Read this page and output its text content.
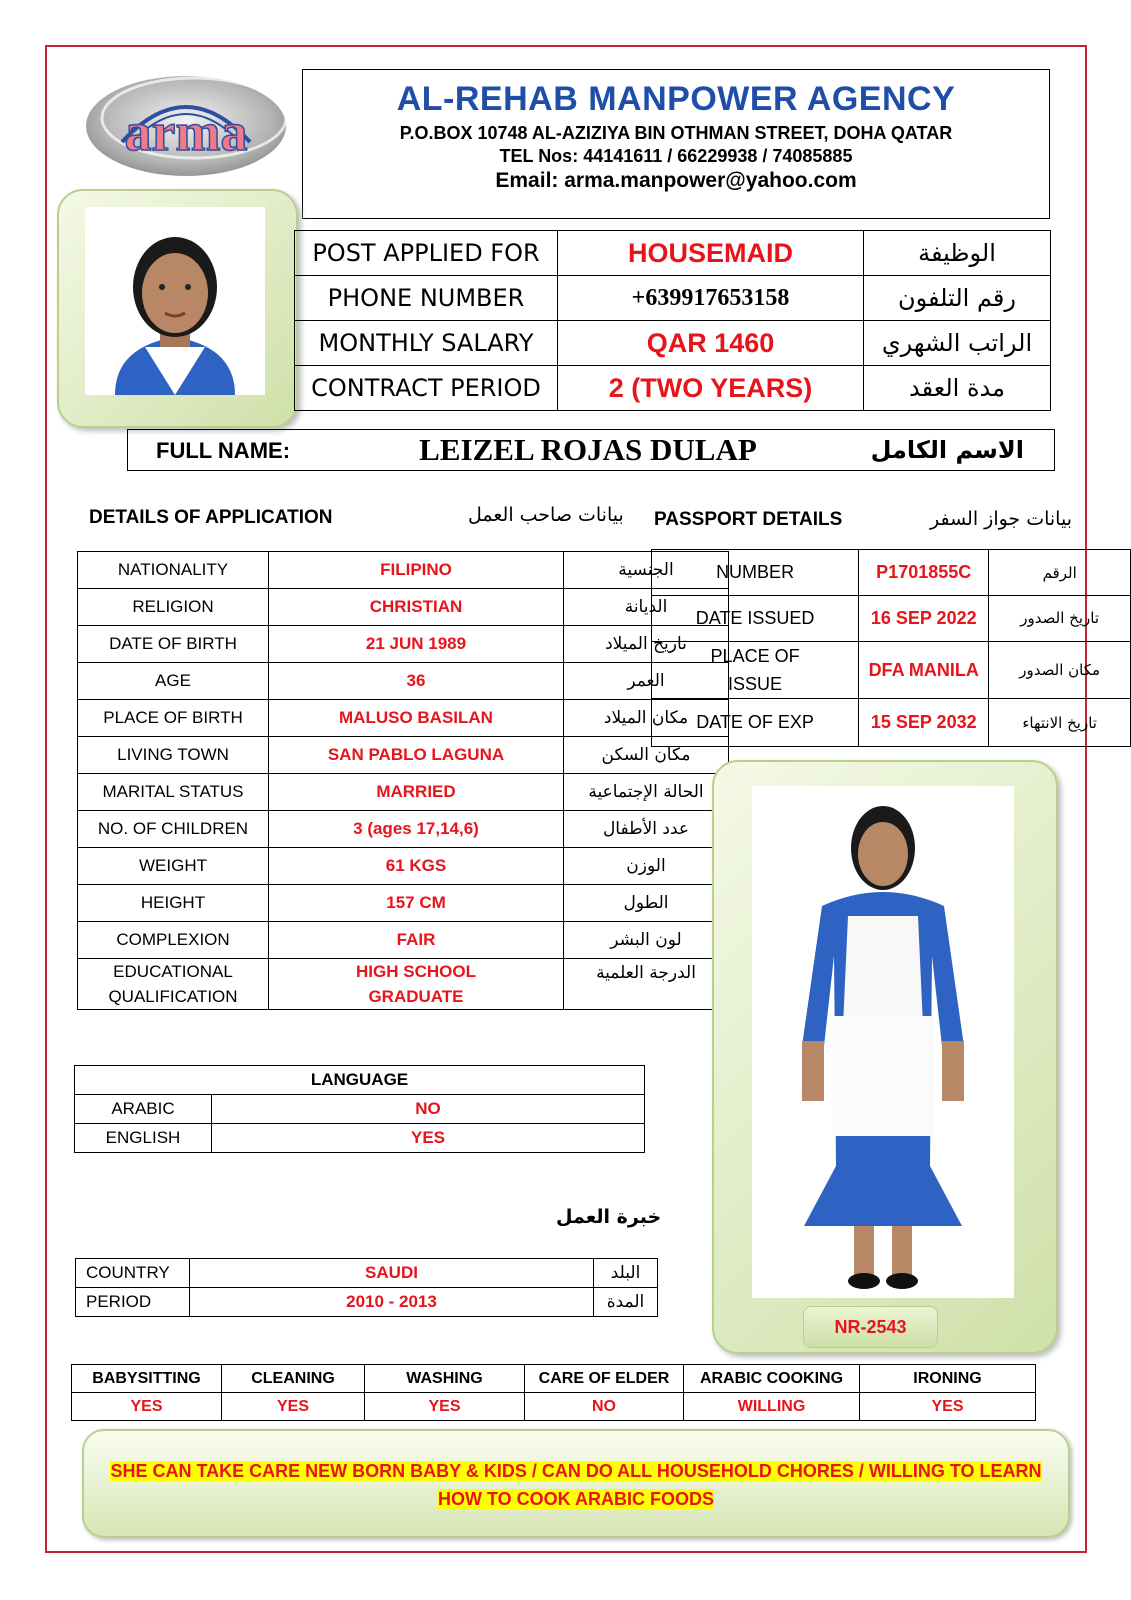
arma
AL-REHAB MANPOWER AGENCY
P.O.BOX 10748 AL-AZIZIYA BIN OTHMAN STREET, DOHA QATAR
TEL Nos: 44141611 / 66229938 / 74085885
Email: arma.manpower@yahoo.com
POST APPLIED FOR	HOUSEMAID	الوظيفة
PHONE NUMBER	+639917653158	رقم التلفون
MONTHLY SALARY	QAR 1460	الراتب الشهري
CONTRACT PERIOD	2 (TWO YEARS)	مدة العقد
FULL NAME:	LEIZEL ROJAS DULAP	الاسم الكامل
DETAILS OF APPLICATION	بيانات صاحب العمل PASSPORT DETAILS	بيانات جواز السفر
NATIONALITY	FILIPINO	الجنسية
RELIGION	CHRISTIAN	الديانة
DATE OF BIRTH	21 JUN 1989	تاريخ الميلاد
AGE	36	العمر
PLACE OF BIRTH	MALUSO BASILAN	مكان الميلاد
LIVING TOWN	SAN PABLO LAGUNA	مكان السكن
MARITAL STATUS	MARRIED	الحالة الإجتماعية
NO. OF CHILDREN	3 (ages 17,14,6)	عدد الأطفال
WEIGHT	61 KGS	الوزن
HEIGHT	157 CM	الطول
COMPLEXION	FAIR	لون البشر
EDUCATIONAL QUALIFICATION	HIGH SCHOOL GRADUATE	الدرجة العلمية
NUMBER	P1701855C	الرقم
DATE ISSUED	16 SEP 2022	تاريخ الصدور
PLACE OF ISSUE	DFA MANILA	مكان الصدور
DATE OF EXP	15 SEP 2032	تاريخ الانتهاء
LANGUAGE	
ARABIC	NO
ENGLISH	YES
خبرة العمل
COUNTRY	SAUDI	البلد
PERIOD	2010 - 2013	المدة
NR-2543
BABYSITTING	CLEANING	WASHING	CARE OF ELDER	ARABIC COOKING	IRONING
YES	YES	YES	NO	WILLING	YES
SHE CAN TAKE CARE NEW BORN BABY & KIDS / CAN DO ALL HOUSEHOLD CHORES / WILLING TO LEARN
HOW TO COOK ARABIC FOODS
